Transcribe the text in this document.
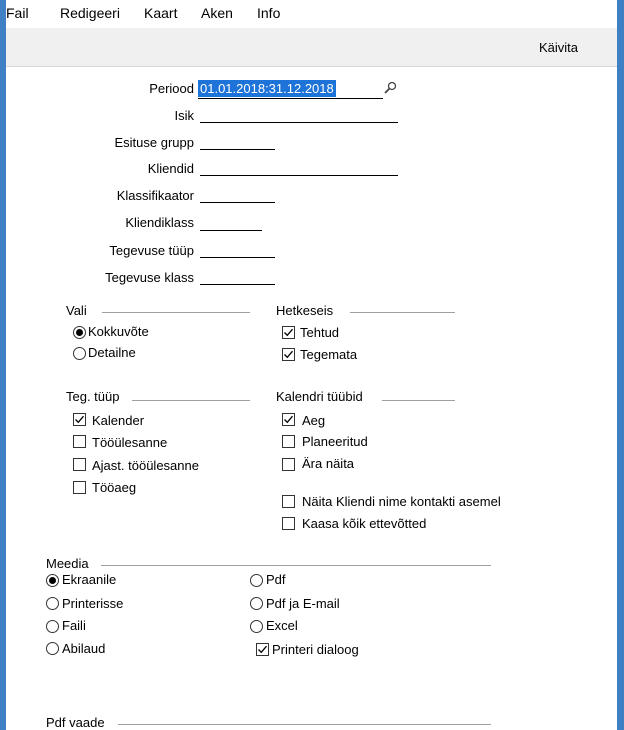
Fail Redigeeri Kaart Aken Info
Käivita
Periood 01.01.2018:31.12.2018
Isik
Esituse grupp
Kliendid
Klassifikaator
Kliendiklass
Tegevuse tüüp
Tegevuse klass
Vali
Kokkuvõte
Detailne
Hetkeseis
Tehtud
Tegemata
Teg. tüüp
Kalender
Tööülesanne
Ajast. tööülesanne
Tööaeg
Kalendri tüübid
Aeg
Planeeritud
Ära näita
Näita Kliendi nime kontakti asemel
Kaasa kõik ettevõtted
Meedia
Ekraanile
Printerisse
Faili
Abilaud
Pdf
Pdf ja E-mail
Excel
Printeri dialoog
Pdf vaade
